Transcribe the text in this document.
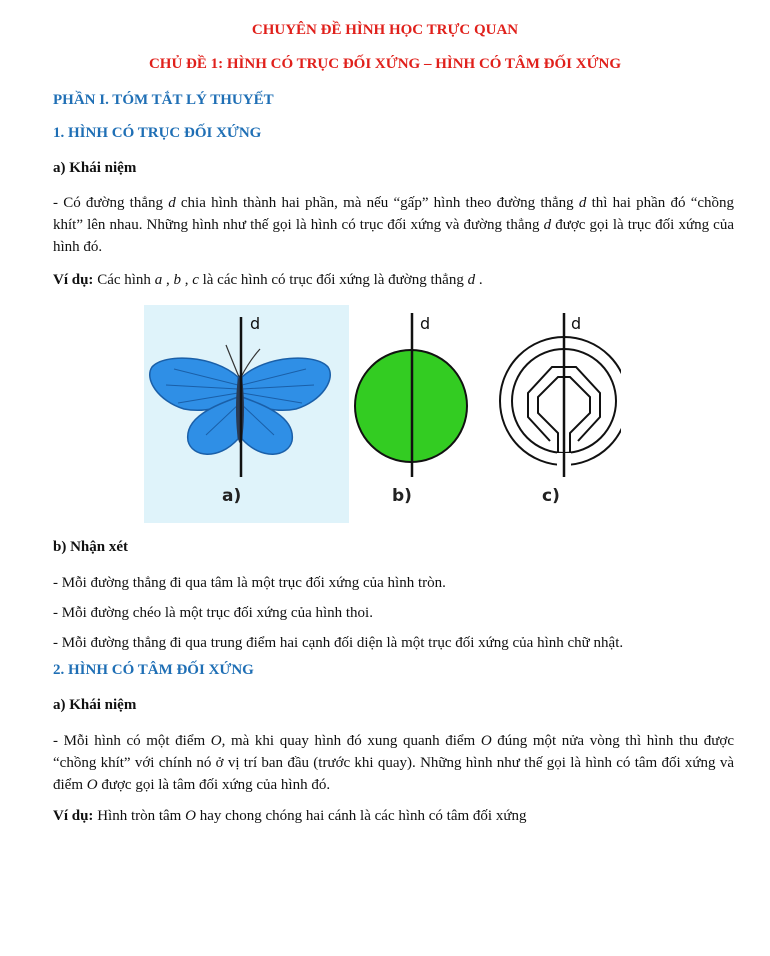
CHUYÊN ĐỀ HÌNH HỌC TRỰC QUAN
CHỦ ĐỀ 1: HÌNH CÓ TRỤC ĐỐI XỨNG – HÌNH CÓ TÂM ĐỐI XỨNG
PHẦN I. TÓM TẮT LÝ THUYẾT
1. HÌNH CÓ TRỤC ĐỐI XỨNG
a) Khái niệm
- Có đường thẳng d chia hình thành hai phần, mà nếu “gấp” hình theo đường thẳng d thì hai phần đó “chồng khít” lên nhau. Những hình như thế gọi là hình có trục đối xứng và đường thẳng d được gọi là trục đối xứng của hình đó.
Ví dụ: Các hình a , b , c là các hình có trục đối xứng là đường thẳng d .
d
a)
d
b)
d
c)
b) Nhận xét
- Mỗi đường thẳng đi qua tâm là một trục đối xứng của hình tròn.
- Mỗi đường chéo là một trục đối xứng của hình thoi.
- Mỗi đường thẳng đi qua trung điểm hai cạnh đối diện là một trục đối xứng của hình chữ nhật.
2. HÌNH CÓ TÂM ĐỐI XỨNG
a) Khái niệm
- Mỗi hình có một điểm O, mà khi quay hình đó xung quanh điểm O đúng một nửa vòng thì hình thu được “chồng khít” với chính nó ở vị trí ban đầu (trước khi quay). Những hình như thế gọi là hình có tâm đối xứng và điểm O được gọi là tâm đối xứng của hình đó.
Ví dụ: Hình tròn tâm O hay chong chóng hai cánh là các hình có tâm đối xứng
